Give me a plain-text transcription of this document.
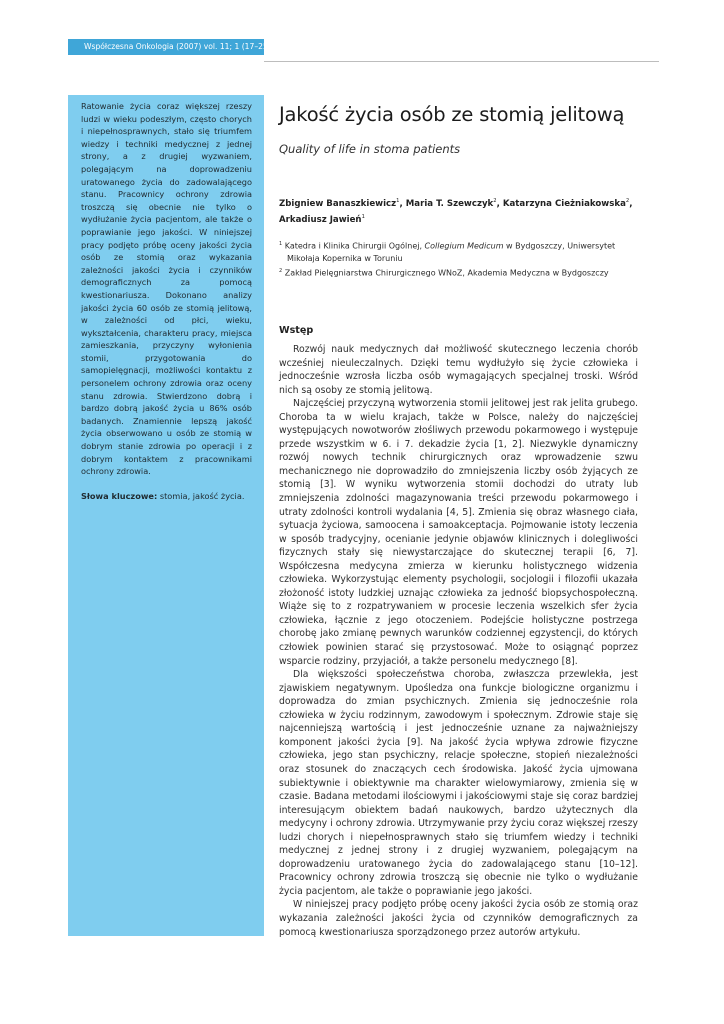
Współczesna Onkologia (2007) vol. 11; 1 (17–25)

Ratowanie życia coraz większej rzeszy ludzi w wieku podeszłym, często chorych i niepełnosprawnych, stało się triumfem wiedzy i techniki medycznej z jednej strony, a z drugiej wyzwaniem, polegającym na doprowadzeniu uratowanego życia do zadowalającego stanu. Pracownicy ochrony zdrowia troszczą się obecnie nie tylko o wydłużanie życia pacjentom, ale także o poprawianie jego jakości. W niniejszej pracy podjęto próbę oceny jakości życia osób ze stomią oraz wykazania zależności jakości życia i czynników demograficznych za pomocą kwestionariusza. Dokonano analizy jakości życia 60 osób ze stomią jelitową, w zależności od płci, wieku, wykształcenia, charakteru pracy, miejsca zamieszkania, przyczyny wyłonienia stomii, przygotowania do samopielęgnacji, możliwości kontaktu z personelem ochrony zdrowia oraz oceny stanu zdrowia. Stwierdzono dobrą i bardzo dobrą jakość życia u 86% osób badanych. Znamiennie lepszą jakość życia obserwowano u osób ze stomią w dobrym stanie zdrowia po operacji i z dobrym kontaktem z pracownikami ochrony zdrowia.

Słowa kluczowe: stomia, jakość życia.
Jakość życia osób ze stomią jelitową
Quality of life in stoma patients
Zbigniew Banaszkiewicz$^1$, Maria T. Szewczyk$^2$, Katarzyna Cieżniakowska$^2$,
Arkadiusz Jawień$^1$

$^1$ Katedra i Klinika Chirurgii Ogólnej, Collegium Medicum w Bydgoszczy, Uniwersytet Mikołaja Kopernika w Toruniu

$^2$ Zakład Pielęgniarstwa Chirurgicznego WNoZ, Akademia Medyczna w Bydgoszczy

Wstęp

Rozwój nauk medycznych dał możliwość skutecznego leczenia chorób wcześniej nieuleczalnych. Dzięki temu wydłużyło się życie człowieka i jednocześnie wzrosła liczba osób wymagających specjalnej troski. Wśród nich są osoby ze stomią jelitową.

Najczęściej przyczyną wytworzenia stomii jelitowej jest rak jelita grubego. Choroba ta w wielu krajach, także w Polsce, należy do najczęściej występujących nowotworów złośliwych przewodu pokarmowego i występuje przede wszystkim w 6. i 7. dekadzie życia [1, 2]. Niezwykle dynamiczny rozwój nowych technik chirurgicznych oraz wprowadzenie szwu mechanicznego nie doprowadziło do zmniejszenia liczby osób żyjących ze stomią [3]. W wyniku wytworzenia stomii dochodzi do utraty lub zmniejszenia zdolności magazynowania treści przewodu pokarmowego i utraty zdolności kontroli wydalania [4, 5]. Zmienia się obraz własnego ciała, sytuacja życiowa, samoocena i samoakceptacja. Pojmowanie istoty leczenia w sposób tradycyjny, ocenianie jedynie objawów klinicznych i dolegliwości fizycznych stały się niewystarczające do skutecznej terapii [6, 7]. Współczesna medycyna zmierza w kierunku holistycznego widzenia człowieka. Wykorzystując elementy psychologii, socjologii i filozofii ukazała złożoność istoty ludzkiej uznając człowieka za jedność biopsychospołeczną. Wiąże się to z rozpatrywaniem w procesie leczenia wszelkich sfer życia człowieka, łącznie z jego otoczeniem. Podejście holistyczne postrzega chorobę jako zmianę pewnych warunków codziennej egzystencji, do których człowiek powinien starać się przystosować. Może to osiągnąć poprzez wsparcie rodziny, przyjaciół, a także personelu medycznego [8].

Dla większości społeczeństwa choroba, zwłaszcza przewlekła, jest zjawiskiem negatywnym. Upośledza ona funkcje biologiczne organizmu i doprowadza do zmian psychicznych. Zmienia się jednocześnie rola człowieka w życiu rodzinnym, zawodowym i społecznym. Zdrowie staje się najcenniejszą wartością i jest jednocześnie uznane za najważniejszy komponent jakości życia [9]. Na jakość życia wpływa zdrowie fizyczne człowieka, jego stan psychiczny, relacje społeczne, stopień niezależności oraz stosunek do znaczących cech środowiska. Jakość życia ujmowana subiektywnie i obiektywnie ma charakter wielowymiarowy, zmienia się w czasie. Badana metodami ilościowymi i jakościowymi staje się coraz bardziej interesującym obiektem badań naukowych, bardzo użytecznych dla medycyny i ochrony zdrowia. Utrzymywanie przy życiu coraz większej rzeszy ludzi chorych i niepełnosprawnych stało się triumfem wiedzy i techniki medycznej z jednej strony i z drugiej wyzwaniem, polegającym na doprowadzeniu uratowanego życia do zadowalającego stanu [10–12]. Pracownicy ochrony zdrowia troszczą się obecnie nie tylko o wydłużanie życia pacjentom, ale także o poprawianie jego jakości.

W niniejszej pracy podjęto próbę oceny jakości życia osób ze stomią oraz wykazania zależności jakości życia od czynników demograficznych za pomocą kwestionariusza sporządzonego przez autorów artykułu.
